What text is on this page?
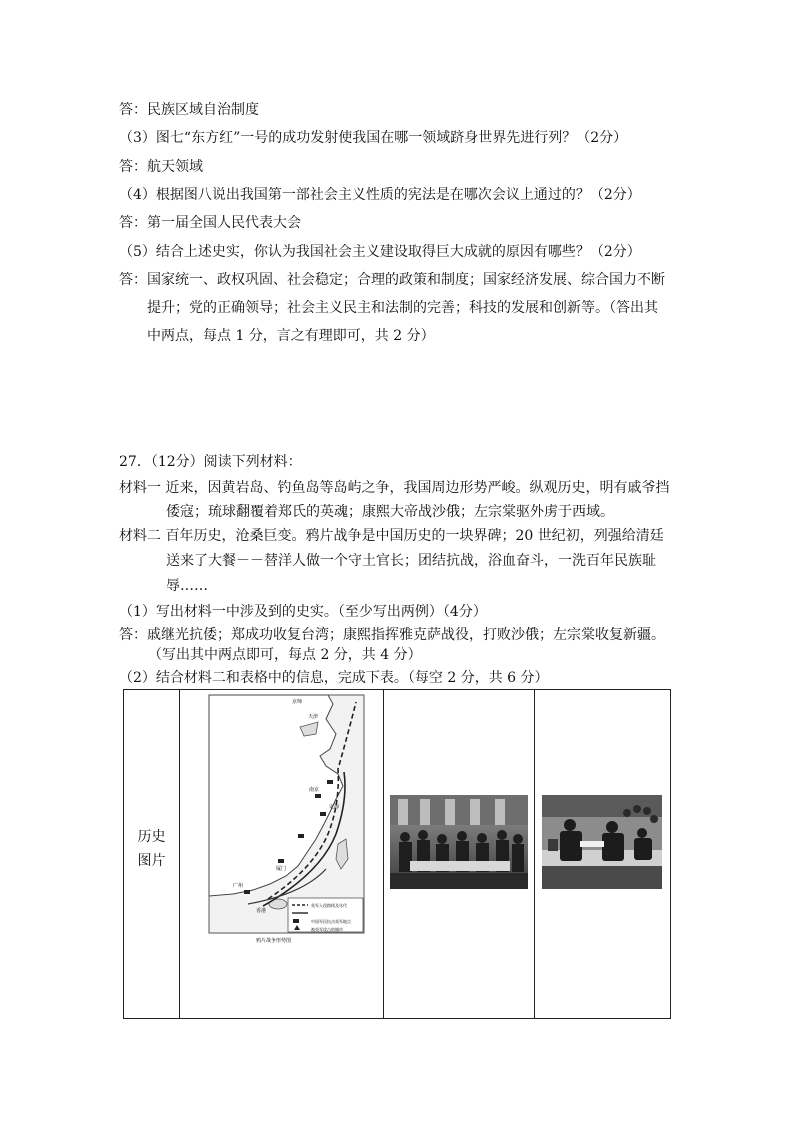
答：民族区域自治制度
（3）图七“东方红”一号的成功发射使我国在哪一领域跻身世界先进行列？（2分）
答：航天领域
（4）根据图八说出我国第一部社会主义性质的宪法是在哪次会议上通过的？（2分）
答：第一届全国人民代表大会
（5）结合上述史实，你认为我国社会主义建设取得巨大成就的原因有哪些？（2分）
答：国家统一、政权巩固、社会稳定；合理的政策和制度；国家经济发展、综合国力不断
提升；党的正确领导；社会主义民主和法制的完善；科技的发展和创新等。（答出其
中两点，每点 1 分，言之有理即可，共 2 分）
27．（12分）阅读下列材料：
材料一 近来，因黄岩岛、钓鱼岛等岛屿之争，我国周边形势严峻。纵观历史，明有戚爷挡
倭寇；琉球翻覆着郑氏的英魂；康熙大帝战沙俄；左宗棠驱外虏于西域。
材料二 百年历史，沧桑巨变。鸦片战争是中国历史的一块界碑；20 世纪初，列强给清廷
送来了大餐－－替洋人做一个守土官长；团结抗战，浴血奋斗，一洗百年民族耻
辱……
（1）写出材料一中涉及到的史实。（至少写出两例）（4分）
答：戚继光抗倭；郑成功收复台湾；康熙指挥雅克萨战役，打败沙俄；左宗棠收复新疆。
（写出其中两点即可，每点 2 分，共 4 分）
（2）结合材料二和表格中的信息，完成下表。（每空 2 分，共 6 分）
历史
图片
英军入侵路线及年代
中国军民抗击英军地点
被英军攻占的城市
京师
天津
南京
定海
厦门
广州
香港
鸦片战争形势图
